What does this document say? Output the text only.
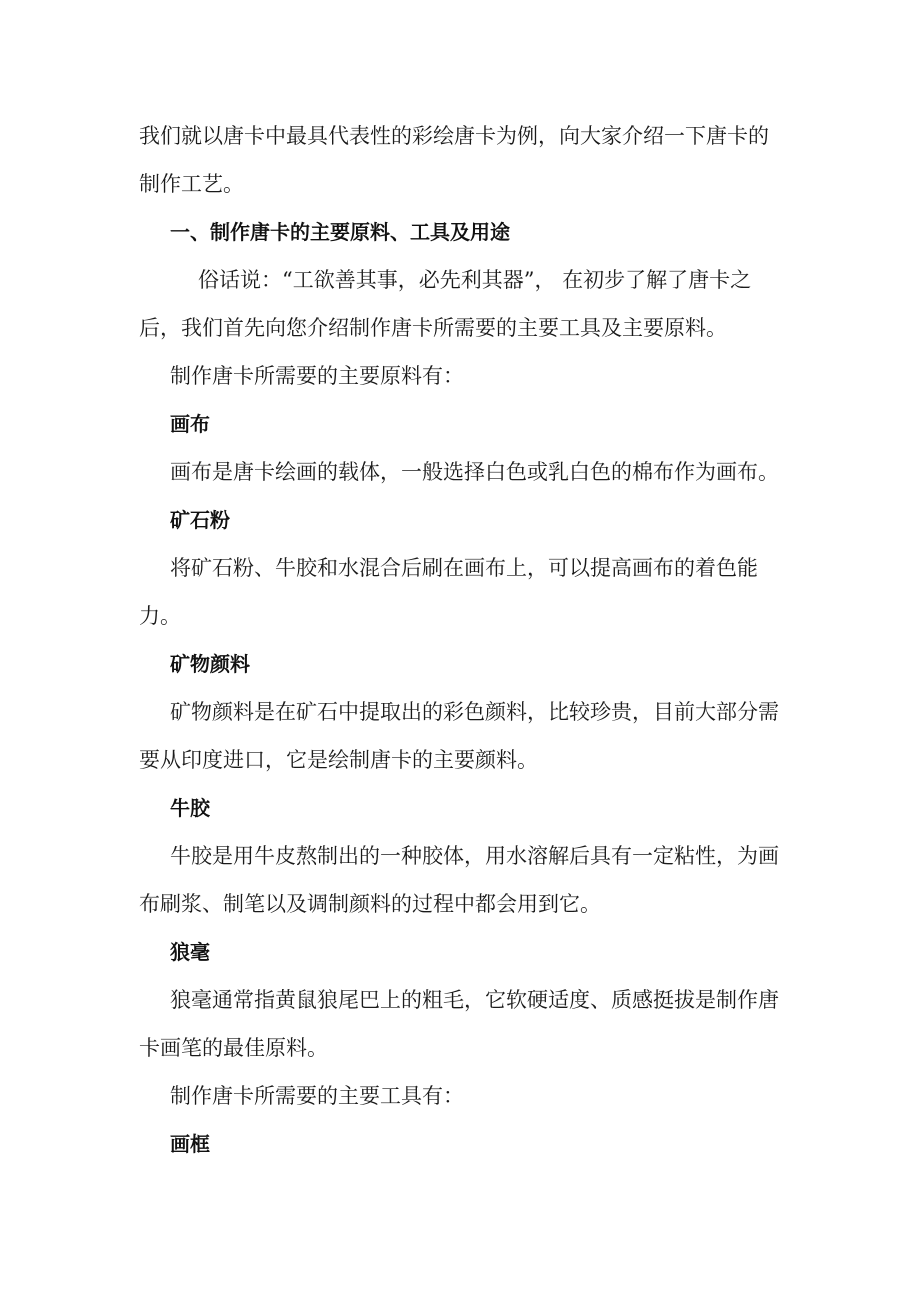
我们就以唐卡中最具代表性的彩绘唐卡为例，向大家介绍一下唐卡的制作工艺。

一、制作唐卡的主要原料、工具及用途

俗话说：“工欲善其事，必先利其器”， 在初步了解了唐卡之后，我们首先向您介绍制作唐卡所需要的主要工具及主要原料。

制作唐卡所需要的主要原料有：

画布

画布是唐卡绘画的载体，一般选择白色或乳白色的棉布作为画布。

矿石粉

将矿石粉、牛胶和水混合后刷在画布上，可以提高画布的着色能力。

矿物颜料

矿物颜料是在矿石中提取出的彩色颜料，比较珍贵，目前大部分需要从印度进口，它是绘制唐卡的主要颜料。

牛胶

牛胶是用牛皮熬制出的一种胶体，用水溶解后具有一定粘性，为画布刷浆、制笔以及调制颜料的过程中都会用到它。

狼毫

狼毫通常指黄鼠狼尾巴上的粗毛，它软硬适度、质感挺拔是制作唐卡画笔的最佳原料。

制作唐卡所需要的主要工具有：

画框
